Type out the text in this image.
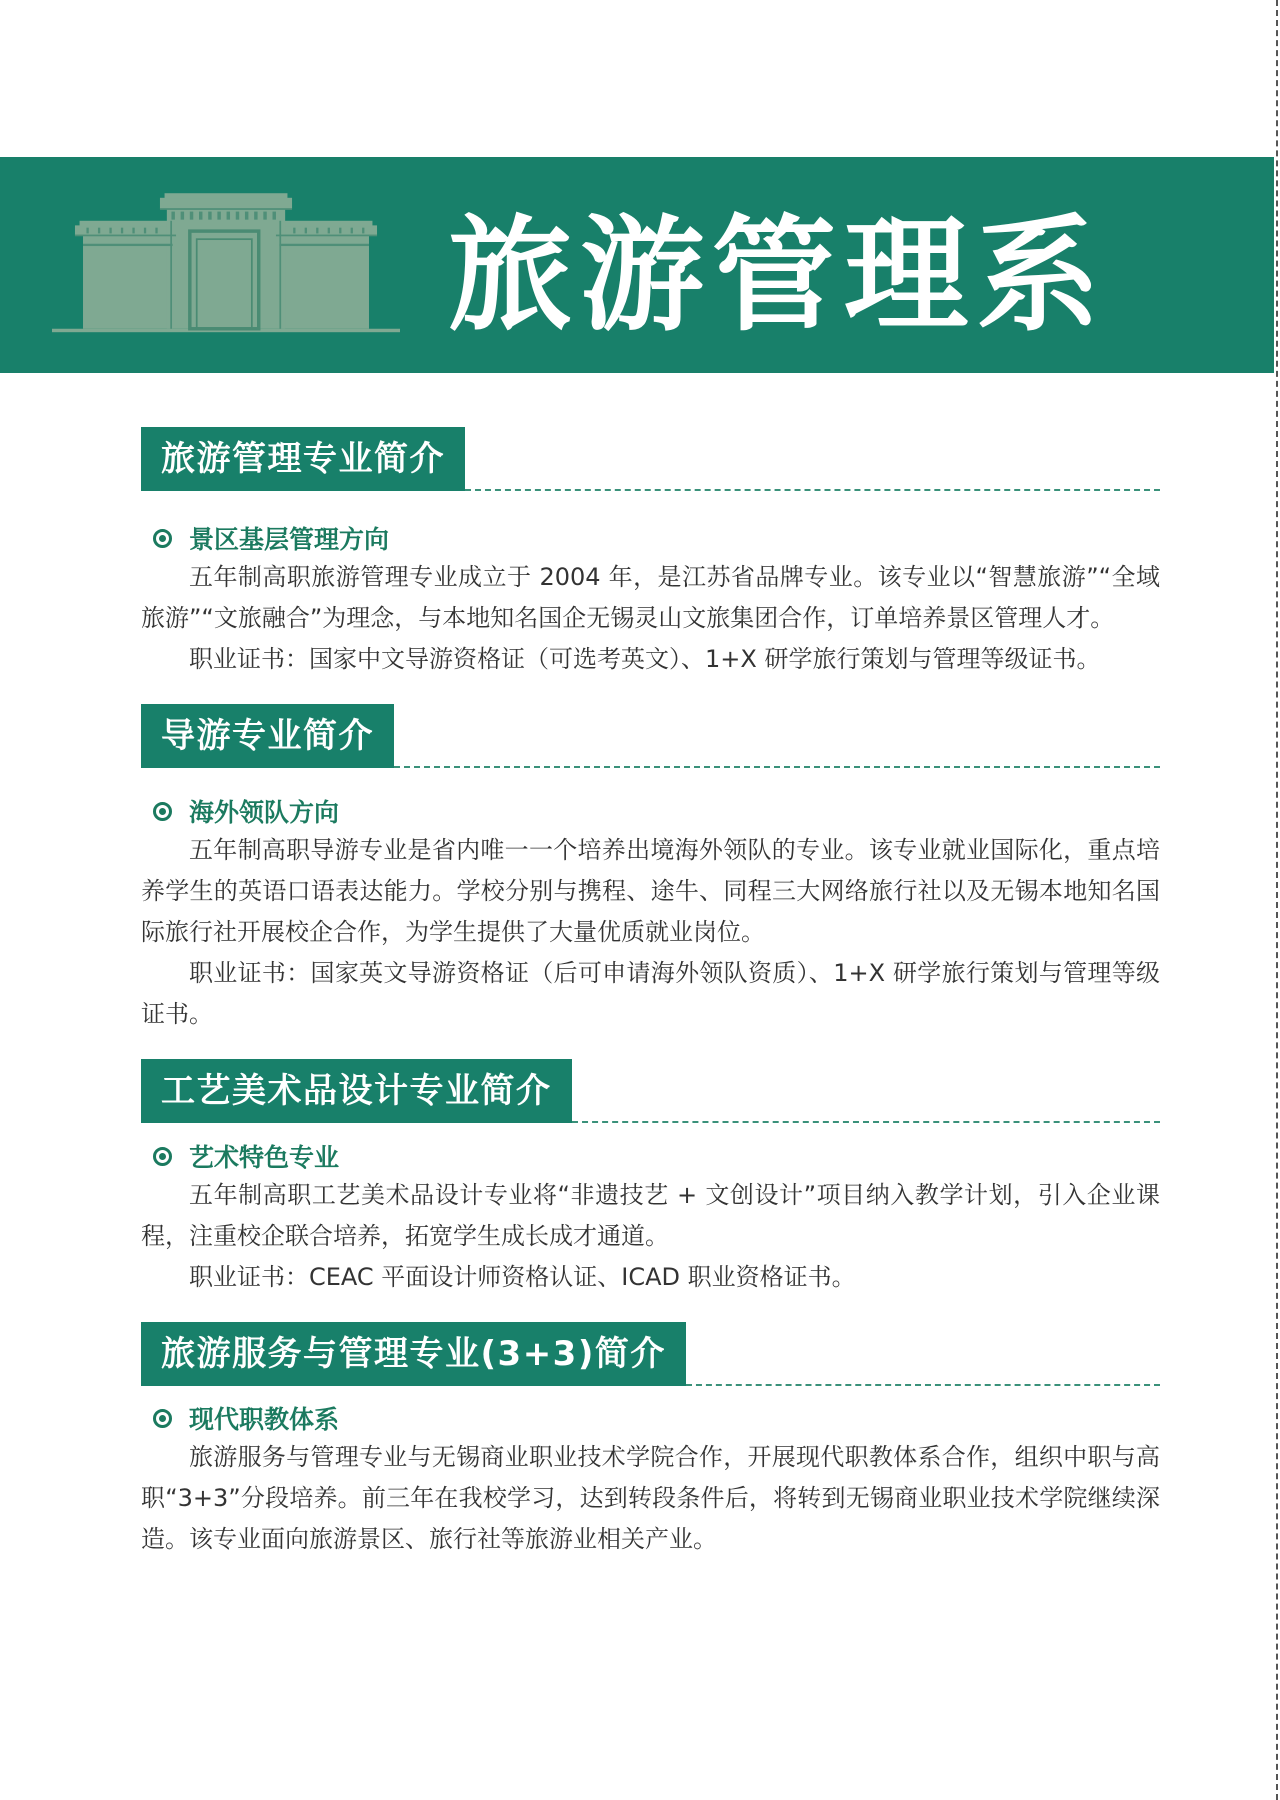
旅游管理系
旅游管理专业简介
景区基层管理方向

五年制高职旅游管理专业成立于 2004 年，是江苏省品牌专业。该专业以“智慧旅游”“全域旅游”“文旅融合”为理念，与本地知名国企无锡灵山文旅集团合作，订单培养景区管理人才。

职业证书：国家中文导游资格证（可选考英文）、1+X 研学旅行策划与管理等级证书。

导游专业简介
海外领队方向

五年制高职导游专业是省内唯一一个培养出境海外领队的专业。该专业就业国际化，重点培养学生的英语口语表达能力。学校分别与携程、途牛、同程三大网络旅行社以及无锡本地知名国际旅行社开展校企合作，为学生提供了大量优质就业岗位。

职业证书：国家英文导游资格证（后可申请海外领队资质）、1+X 研学旅行策划与管理等级证书。

工艺美术品设计专业简介
艺术特色专业

五年制高职工艺美术品设计专业将“非遗技艺 + 文创设计”项目纳入教学计划，引入企业课程，注重校企联合培养，拓宽学生成长成才通道。

职业证书：CEAC 平面设计师资格认证、ICAD 职业资格证书。

旅游服务与管理专业(3+3)简介
现代职教体系

旅游服务与管理专业与无锡商业职业技术学院合作，开展现代职教体系合作，组织中职与高职“3+3”分段培养。前三年在我校学习，达到转段条件后，将转到无锡商业职业技术学院继续深造。该专业面向旅游景区、旅行社等旅游业相关产业。
